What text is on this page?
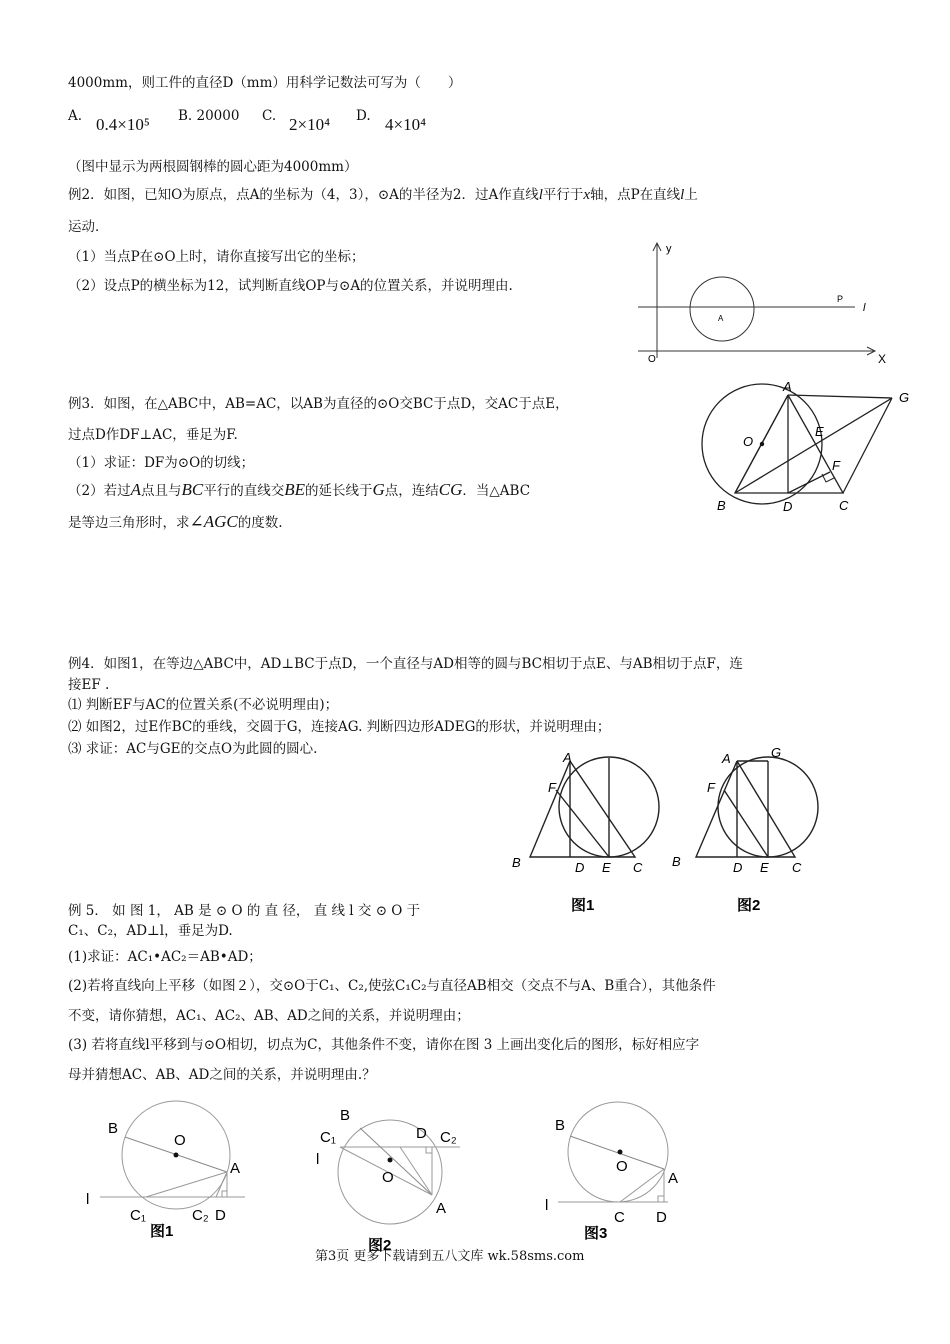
4000mm，则工件的直径D（mm）用科学记数法可写为（　　）
A. 0.4×10⁵ B. 20000 C. 2×10⁴ D. 4×10⁴
（图中显示为两根圆钢棒的圆心距为4000mm）
例2．如图，已知O为原点，点A的坐标为（4，3），⊙A的半径为2．过A作直线l平行于x轴，点P在直线l上
运动．
（1）当点P在⊙O上时，请你直接写出它的坐标；
（2）设点P的横坐标为12，试判断直线OP与⊙A的位置关系，并说明理由.
y
X
O
A
P
l
例3．如图，在△ABC中，AB=AC，以AB为直径的⊙O交BC于点D，交AC于点E，
过点D作DF⊥AC，垂足为F.
（1）求证：DF为⊙O的切线；
（2）若过A点且与BC平行的直线交BE的延长线于G点，连结CG．当△ABC
是等边三角形时，求∠AGC的度数.
A
G
O
E
F
B	D	C
例4．如图1，在等边△ABC中，AD⊥BC于点D，一个直径与AD相等的圆与BC相切于点E、与AB相切于点F，连
接EF .
⑴ 判断EF与AC的位置关系(不必说明理由)；
⑵ 如图2，过E作BC的垂线，交圆于G，连接AG. 判断四边形ADEG的形状，并说明理由；
⑶ 求证：AC与GE的交点O为此圆的圆心.
A
F
B	D E C
图1
A	G
F
B	D E C
图2
例 5． 如 图 1， AB 是 ⊙ O 的 直 径， 直 线 l 交 ⊙ O 于
C₁、C₂，AD⊥l，垂足为D.
(1)求证：AC₁•AC₂＝AB•AD；
(2)若将直线向上平移（如图２），交⊙O于C₁、C₂,使弦C₁C₂与直径AB相交（交点不与A、B重合），其他条件
不变，请你猜想，AC₁、AC₂、AB、AD之间的关系，并说明理由；
(3) 若将直线l平移到与⊙O相切，切点为C，其他条件不变，请你在图 3 上画出变化后的图形，标好相应字
母并猜想AC、AB、AD之间的关系，并说明理由.？
B
O
A
l
C₁	C₂ D
图1
B
C₁	D C₂
l
O
A
图2
B
O
A
l
C D
图3
第3页 更多下载请到五八文库 wk.58sms.com
